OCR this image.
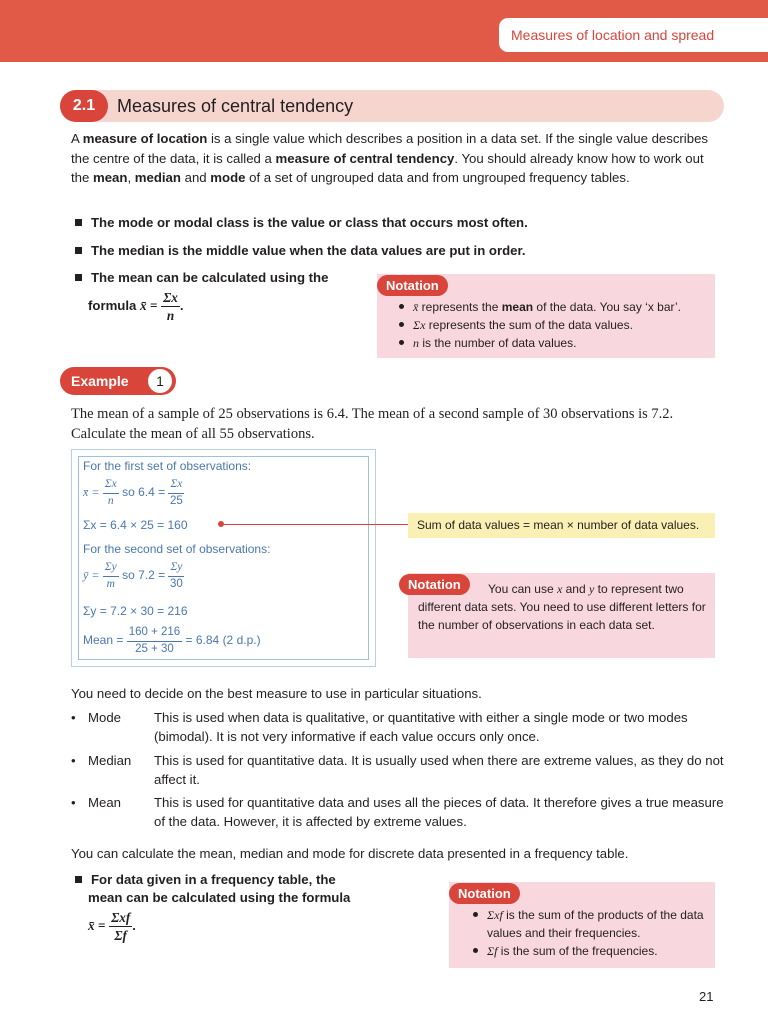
Measures of location and spread
2.1	Measures of central tendency
A measure of location is a single value which describes a position in a data set. If the single value describes the centre of the data, it is called a measure of central tendency. You should already know how to work out the mean, median and mode of a set of ungrouped data and from ungrouped frequency tables.
The mode or modal class is the value or class that occurs most often.
The median is the middle value when the data values are put in order.
The mean can be calculated using the
formula x̄ = $\frac{\Sigma x}{n}$ .
Notation
x̄ represents the mean of the data. You say ‘x bar’.
Σx represents the sum of the data values.
n is the number of data values.
Example	1
The mean of a sample of 25 observations is 6.4. The mean of a second sample of 30 observations is 7.2. Calculate the mean of all 55 observations.
For the first set of observations:
x̄ = $\frac{\Sigma x}{n}$ so $6.4 = \frac{\Sigma x}{25}$
Σx = 6.4 × 25 = 160
For the second set of observations:
ȳ = $\frac{\Sigma y}{m}$ so $7.2 = \frac{\Sigma y}{30}$
Σy = 7.2 × 30 = 216
Mean = $\frac{160 + 216}{25 + 30} = 6.84$ (2 d.p.)
Sum of data values = mean × number of data values.
Notation	You can use x and y to represent two different data sets. You need to use different letters for the number of observations in each data set.
You need to decide on the best measure to use in particular situations.
• Mode	This is used when data is qualitative, or quantitative with either a single mode or two modes (bimodal). It is not very informative if each value occurs only once.
• Median This is used for quantitative data. It is usually used when there are extreme values, as they do not affect it.
• Mean	This is used for quantitative data and uses all the pieces of data. It therefore gives a true measure of the data. However, it is affected by extreme values.
You can calculate the mean, median and mode for discrete data presented in a frequency table.
For data given in a frequency table, the
mean can be calculated using the formula
x̄ = $\frac{\text{Σxf}}{\Sigma f}$ .
Notation
Σxf is the sum of the products of the data values and their frequencies.
Σf is the sum of the frequencies.
21
